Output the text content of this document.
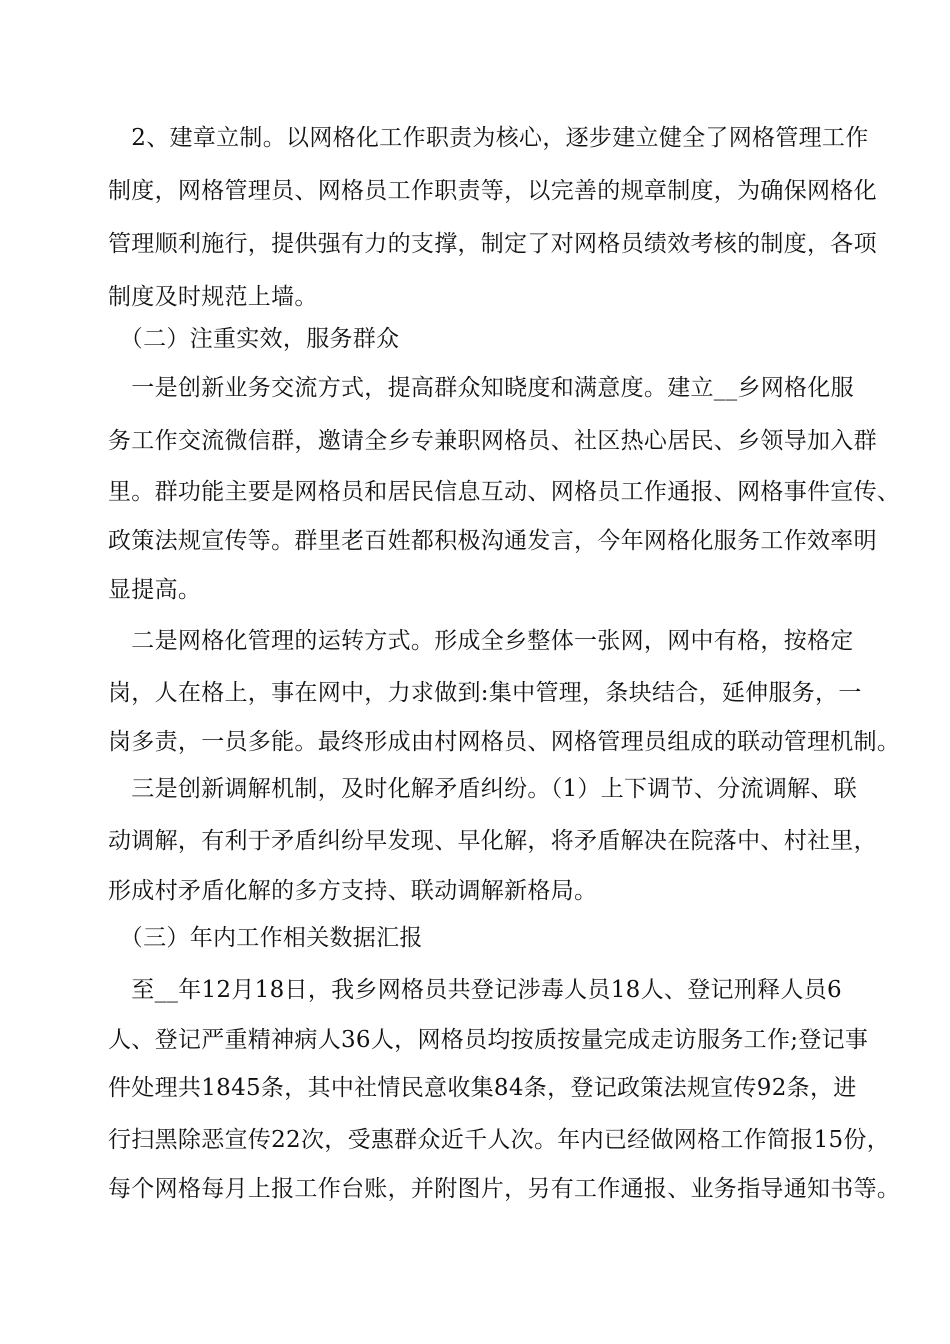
　2、建章立制。以网格化工作职责为核心，逐步建立健全了网格管理工作
制度，网格管理员、网格员工作职责等，以完善的规章制度，为确保网格化
管理顺利施行，提供强有力的支撑，制定了对网格员绩效考核的制度，各项
制度及时规范上墙。
　（二）注重实效，服务群众
　一是创新业务交流方式，提高群众知晓度和满意度。建立__乡网格化服
务工作交流微信群，邀请全乡专兼职网格员、社区热心居民、乡领导加入群
里。群功能主要是网格员和居民信息互动、网格员工作通报、网格事件宣传、
政策法规宣传等。群里老百姓都积极沟通发言，今年网格化服务工作效率明
显提高。
　二是网格化管理的运转方式。形成全乡整体一张网，网中有格，按格定
岗，人在格上，事在网中，力求做到:集中管理，条块结合，延伸服务，一
岗多责，一员多能。最终形成由村网格员、网格管理员组成的联动管理机制。
　三是创新调解机制，及时化解矛盾纠纷。（1）上下调节、分流调解、联
动调解，有利于矛盾纠纷早发现、早化解，将矛盾解决在院落中、村社里，
形成村矛盾化解的多方支持、联动调解新格局。
　（三）年内工作相关数据汇报
　至__年12月18日，我乡网格员共登记涉毒人员18人、登记刑释人员6
人、登记严重精神病人36人，网格员均按质按量完成走访服务工作;登记事
件处理共1845条，其中社情民意收集84条，登记政策法规宣传92条，进
行扫黑除恶宣传22次，受惠群众近千人次。年内已经做网格工作简报15份，
每个网格每月上报工作台账，并附图片，另有工作通报、业务指导通知书等。
